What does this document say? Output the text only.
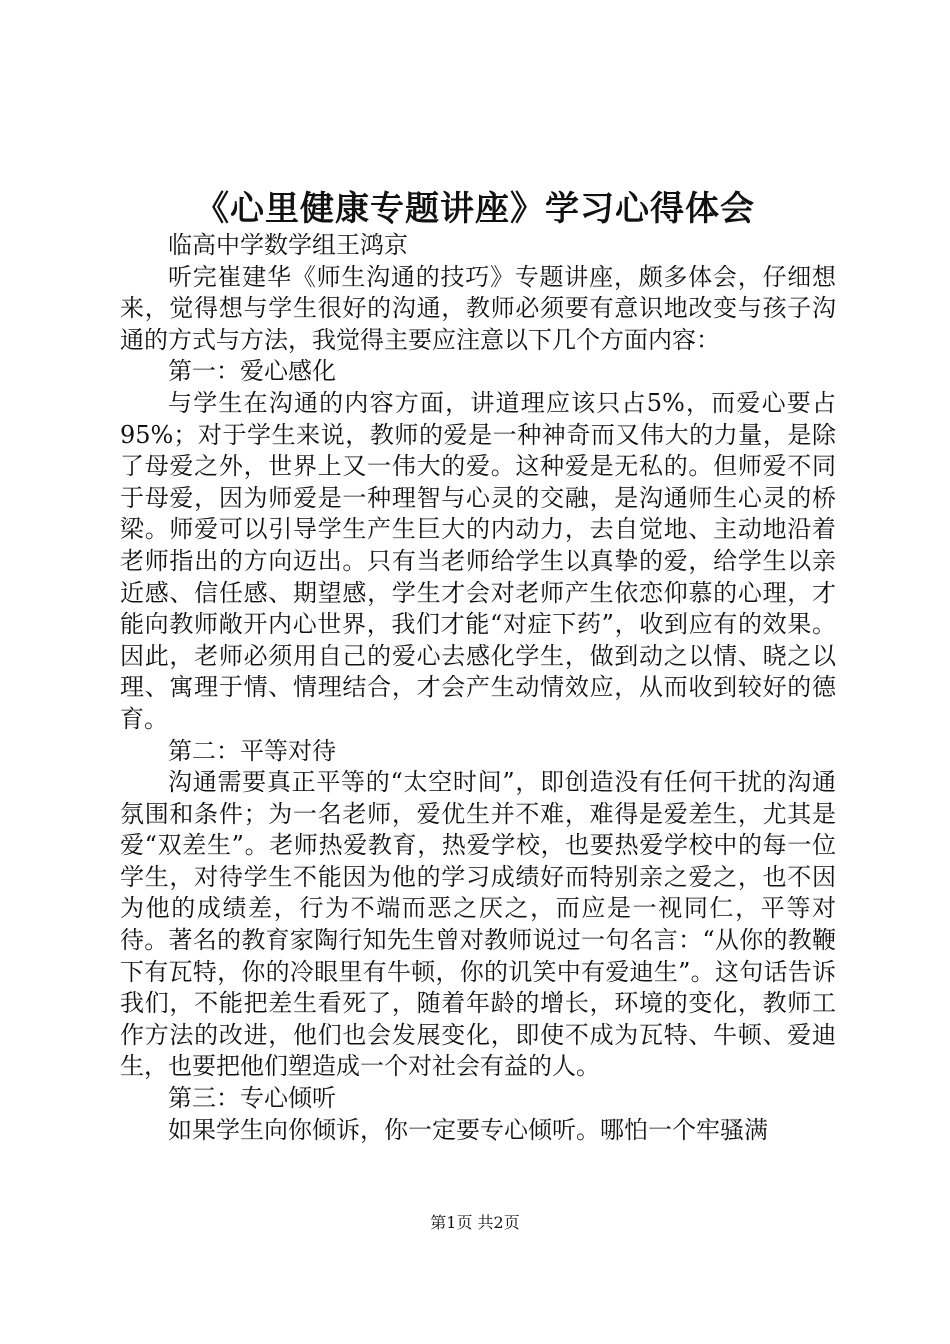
《心里健康专题讲座》学习心得体会

临高中学数学组王鸿京

听完崔建华《师生沟通的技巧》专题讲座，颇多体会，仔细想来，觉得想与学生很好的沟通，教师必须要有意识地改变与孩子沟通的方式与方法，我觉得主要应注意以下几个方面内容：

第一：爱心感化

与学生在沟通的内容方面，讲道理应该只占5%，而爱心要占95%；对于学生来说，教师的爱是一种神奇而又伟大的力量，是除了母爱之外，世界上又一伟大的爱。这种爱是无私的。但师爱不同于母爱，因为师爱是一种理智与心灵的交融，是沟通师生心灵的桥梁。师爱可以引导学生产生巨大的内动力，去自觉地、主动地沿着老师指出的方向迈出。只有当老师给学生以真挚的爱，给学生以亲近感、信任感、期望感，学生才会对老师产生依恋仰慕的心理，才能向教师敞开内心世界，我们才能“对症下药”，收到应有的效果。因此，老师必须用自己的爱心去感化学生，做到动之以情、晓之以理、寓理于情、情理结合，才会产生动情效应，从而收到较好的德育。

第二：平等对待

沟通需要真正平等的“太空时间”，即创造没有任何干扰的沟通氛围和条件；为一名老师，爱优生并不难，难得是爱差生，尤其是爱“双差生”。老师热爱教育，热爱学校，也要热爱学校中的每一位学生，对待学生不能因为他的学习成绩好而特别亲之爱之，也不因为他的成绩差，行为不端而恶之厌之，而应是一视同仁，平等对待。著名的教育家陶行知先生曾对教师说过一句名言：“从你的教鞭下有瓦特，你的冷眼里有牛顿，你的讥笑中有爱迪生”。这句话告诉我们，不能把差生看死了，随着年龄的增长，环境的变化，教师工作方法的改进，他们也会发展变化，即使不成为瓦特、牛顿、爱迪生，也要把他们塑造成一个对社会有益的人。

第三：专心倾听

如果学生向你倾诉，你一定要专心倾听。哪怕一个牢骚满

第1页 共2页
